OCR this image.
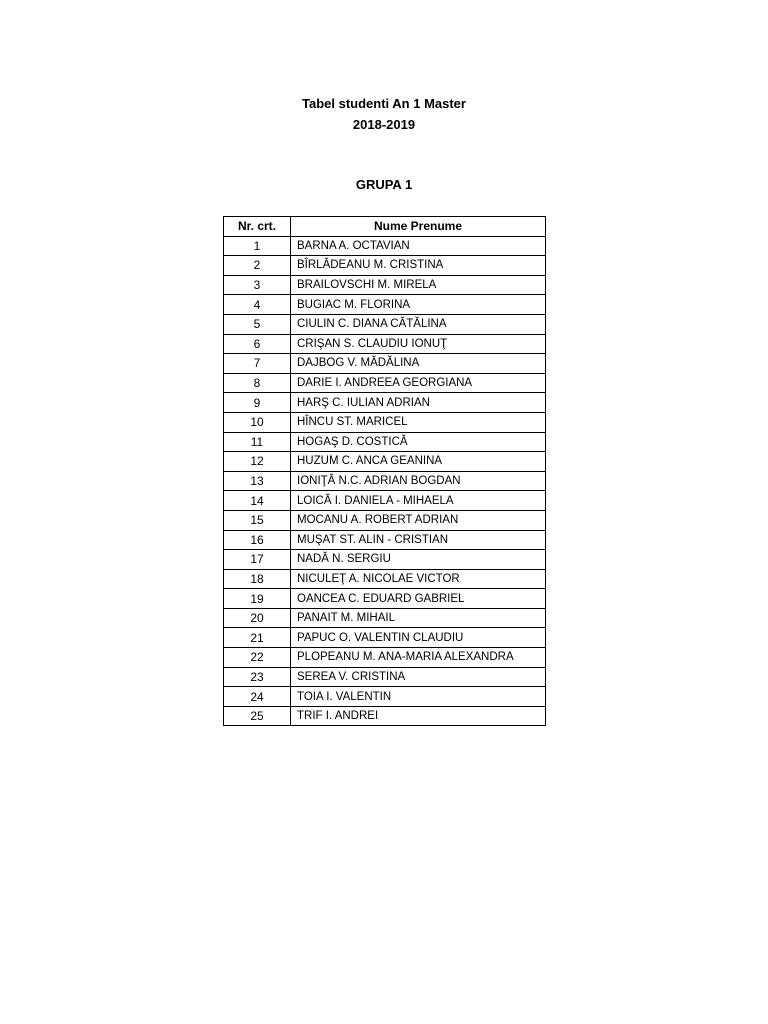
Tabel studenti An 1 Master
2018-2019
GRUPA 1
Nr. crt.	Nume Prenume
1	BARNA A. OCTAVIAN
2	BÎRLĂDEANU M. CRISTINA
3	BRAILOVSCHI M. MIRELA
4	BUGIAC M. FLORINA
5	CIULIN C. DIANA CĂTĂLINA
6	CRIŞAN S. CLAUDIU IONUŢ
7	DAJBOG V. MĂDĂLINA
8	DARIE I. ANDREEA GEORGIANA
9	HARŞ C. IULIAN ADRIAN
10	HÎNCU ST. MARICEL
11	HOGAŞ D. COSTICĂ
12	HUZUM C. ANCA GEANINA
13	IONIŢĂ N.C. ADRIAN BOGDAN
14	LOICĂ I. DANIELA - MIHAELA
15	MOCANU A. ROBERT ADRIAN
16	MUŞAT ST. ALIN - CRISTIAN
17	NADĂ N. SERGIU
18	NICULEŢ A. NICOLAE VICTOR
19	OANCEA C. EDUARD GABRIEL
20	PANAIT M. MIHAIL
21	PAPUC O. VALENTIN CLAUDIU
22	PLOPEANU M. ANA-MARIA ALEXANDRA
23	SEREA V. CRISTINA
24	TOIA I. VALENTIN
25	TRIF I. ANDREI
